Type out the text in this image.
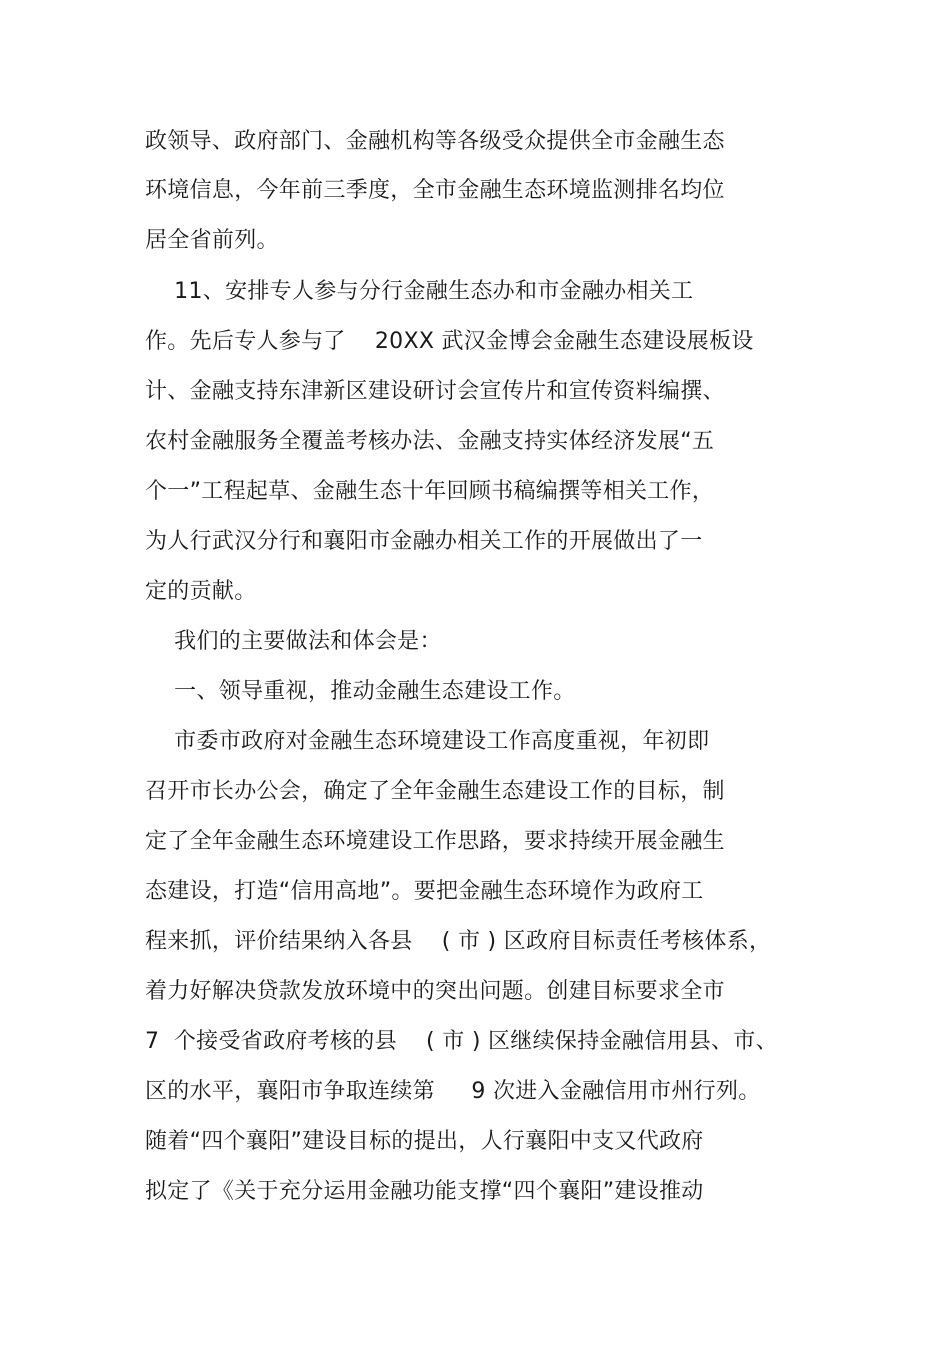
政领导、政府部门、金融机构等各级受众提供全市金融生态
环境信息，今年前三季度，全市金融生态环境监测排名均位
居全省前列。
11、安排专人参与分行金融生态办和市金融办相关工
作。先后专人参与了    20XX 武汉金博会金融生态建设展板设
计、金融支持东津新区建设研讨会宣传片和宣传资料编撰、
农村金融服务全覆盖考核办法、金融支持实体经济发展“五
个一”工程起草、金融生态十年回顾书稿编撰等相关工作，
为人行武汉分行和襄阳市金融办相关工作的开展做出了一
定的贡献。
我们的主要做法和体会是：
一、领导重视，推动金融生态建设工作。
市委市政府对金融生态环境建设工作高度重视，年初即
召开市长办公会，确定了全年金融生态建设工作的目标，制
定了全年金融生态环境建设工作思路，要求持续开展金融生
态建设，打造“信用高地”。要把金融生态环境作为政府工
程来抓，评价结果纳入各县    ( 市 ) 区政府目标责任考核体系，
着力好解决贷款发放环境中的突出问题。创建目标要求全市
7  个接受省政府考核的县    ( 市 ) 区继续保持金融信用县、市、
区的水平，襄阳市争取连续第     9 次进入金融信用市州行列。
随着“四个襄阳”建设目标的提出，人行襄阳中支又代政府
拟定了《关于充分运用金融功能支撑“四个襄阳”建设推动
